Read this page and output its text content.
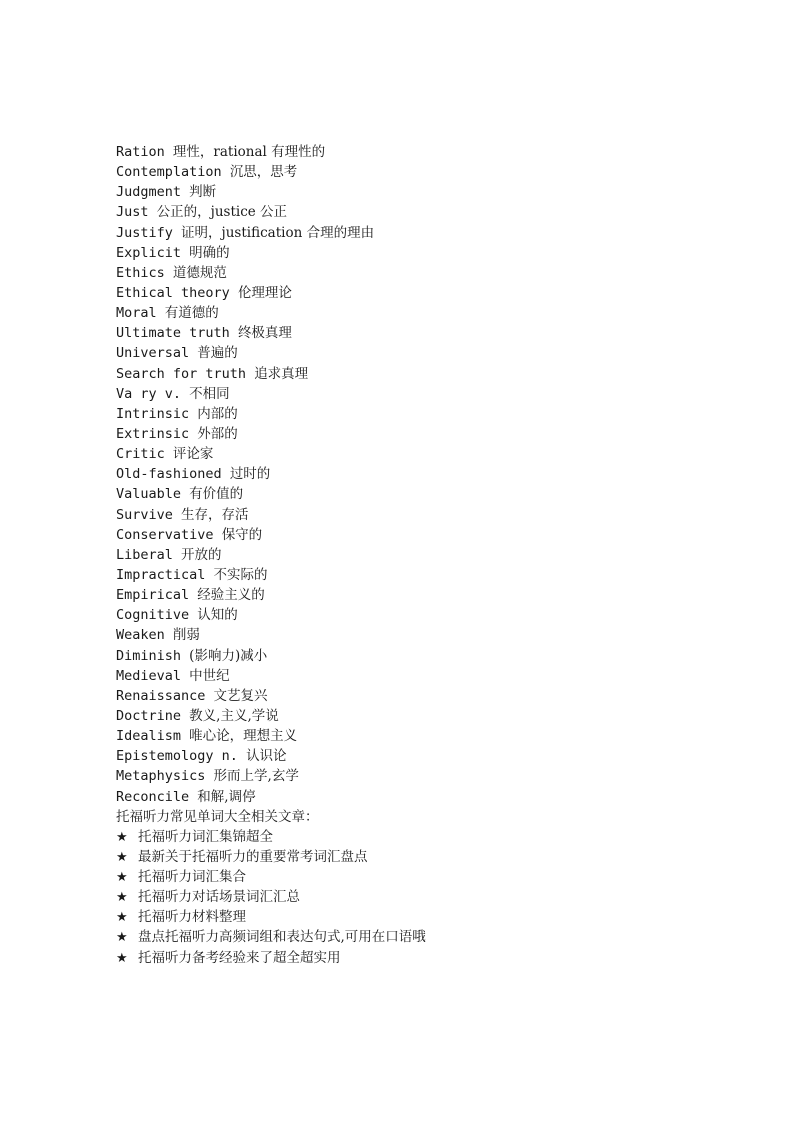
Ration 理性，rational 有理性的
Contemplation 沉思，思考
Judgment 判断
Just 公正的，justice 公正
Justify 证明，justification 合理的理由
Explicit 明确的
Ethics 道德规范
Ethical theory 伦理理论
Moral 有道德的
Ultimate truth 终极真理
Universal 普遍的
Search for truth 追求真理
Va ry v. 不相同
Intrinsic 内部的
Extrinsic 外部的
Critic 评论家
Old-fashioned 过时的
Valuable 有价值的
Survive 生存，存活
Conservative 保守的
Liberal 开放的
Impractical 不实际的
Empirical 经验主义的
Cognitive 认知的
Weaken 削弱
Diminish (影响力)减小
Medieval 中世纪
Renaissance 文艺复兴
Doctrine 教义,主义,学说
Idealism 唯心论，理想主义
Epistemology n. 认识论
Metaphysics 形而上学,玄学
Reconcile 和解,调停
托福听力常见单词大全相关文章：
★ 托福听力词汇集锦超全
★ 最新关于托福听力的重要常考词汇盘点
★ 托福听力词汇集合
★ 托福听力对话场景词汇汇总
★ 托福听力材料整理
★ 盘点托福听力高频词组和表达句式,可用在口语哦
★ 托福听力备考经验来了超全超实用
